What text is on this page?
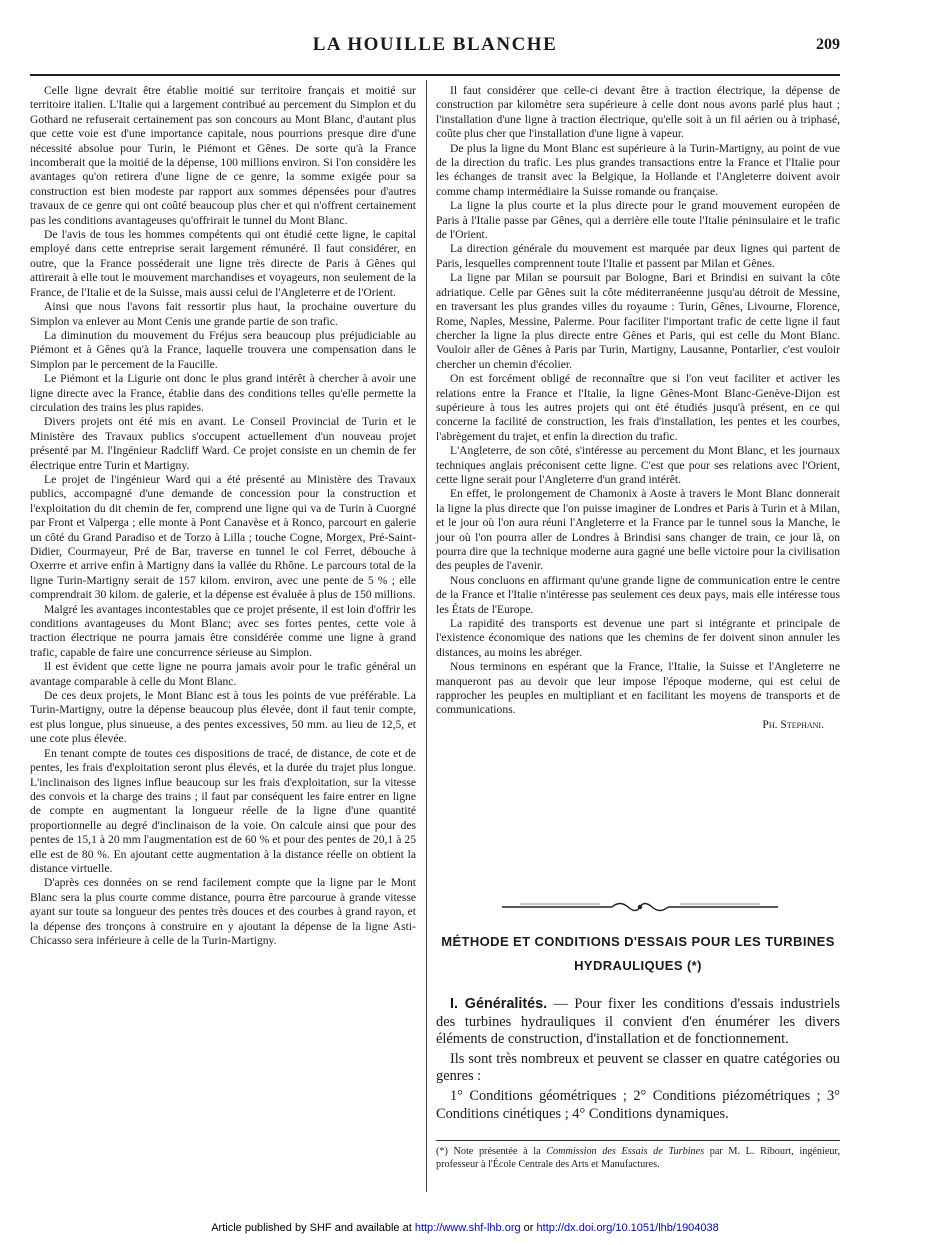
LA HOUILLE BLANCHE	209

Celle ligne devrait être établie moitié sur territoire français et moitié sur territoire italien. L'Italie qui a largement contribué au percement du Simplon et du Gothard ne refuserait certainement pas son concours au Mont Blanc, d'autant plus que cette voie est d'une importance capitale, nous pourrions presque dire d'une nécessité absolue pour Turin, le Piémont et Gênes. De sorte qu'à la France incomberait que la moitié de la dépense, 100 millions environ. Si l'on considère les avantages qu'on retirera d'une ligne de ce genre, la somme exigée pour sa construction est bien modeste par rapport aux sommes dépensées pour d'autres travaux de ce genre qui ont coûté beaucoup plus cher et qui n'offrent certainement pas les conditions avantageuses qu'offrirait le tunnel du Mont Blanc.

De l'avis de tous les hommes compétents qui ont étudié cette ligne, le capital employé dans cette entreprise serait largement rémunéré. Il faut considérer, en outre, que la France posséderait une ligne très directe de Paris à Gênes qui attirerait à elle tout le mouvement marchandises et voyageurs, non seulement de la France, de l'Italie et de la Suisse, mais aussi celui de l'Angleterre et de l'Orient.

Ainsi que nous l'avons fait ressortir plus haut, la prochaine ouverture du Simplon va enlever au Mont Cenis une grande partie de son trafic.

La diminution du mouvement du Fréjus sera beaucoup plus préjudiciable au Piémont et à Gênes qu'à la France, laquelle trouvera une compensation dans le Simplon par le percement de la Faucille.

Le Piémont et la Ligurie ont donc le plus grand intérêt à chercher à avoir une ligne directe avec la France, établie dans des conditions telles qu'elle permette la circulation des trains les plus rapides.

Divers projets ont été mis en avant. Le Conseil Provincial de Turin et le Ministère des Travaux publics s'occupent actuellement d'un nouveau projet présenté par M. l'Ingénieur Radcliff Ward. Ce projet consiste en un chemin de fer électrique entre Turin et Martigny.

Le projet de l'ingénieur Ward qui a été présenté au Ministère des Travaux publics, accompagné d'une demande de concession pour la construction et l'exploitation du dit chemin de fer, comprend une ligne qui va de Turin à Cuorgné par Front et Valperga ; elle monte à Pont Canavèse et à Ronco, parcourt en galerie un côté du Grand Paradiso et de Torzo à Lilla ; touche Cogne, Morgex, Pré-Saint-Didier, Courmayeur, Pré de Bar, traverse en tunnel le col Ferret, débouche à Oxerrre et arrive enfin à Martigny dans la vallée du Rhône. Le parcours total de la ligne Turin-Martigny serait de 157 kilom. environ, avec une pente de 5 % ; elle comprendrait 30 kilom. de galerie, et la dépense est évaluée à plus de 150 millions.

Malgré les avantages incontestables que ce projet présente, il est loin d'offrir les conditions avantageuses du Mont Blanc; avec ses fortes pentes, cette voie à traction électrique ne pourra jamais être considérée comme une ligne à grand trafic, capable de faire une concurrence sérieuse au Simplon.

Il est évident que cette ligne ne pourra jamais avoir pour le trafic général un avantage comparable à celle du Mont Blanc.

De ces deux projets, le Mont Blanc est à tous les points de vue préférable. La Turin-Martigny, outre la dépense beaucoup plus élevée, dont il faut tenir compte, est plus longue, plus sinueuse, a des pentes excessives, 50 mm. au lieu de 12,5, et une cote plus élevée.

En tenant compte de toutes ces dispositions de tracé, de distance, de cote et de pentes, les frais d'exploitation seront plus élevés, et la durée du trajet plus longue. L'inclinaison des lignes influe beaucoup sur les frais d'exploitation, sur la vitesse des convois et la charge des trains ; il faut par conséquent les faire entrer en ligne de compte en augmentant la longueur réelle de la ligne d'une quantité proportionnelle au degré d'inclinaison de la voie. On calcule ainsi que pour des pentes de 15,1 à 20 mm l'augmentation est de 60 % et pour des pentes de 20,1 à 25 elle est de 80 %. En ajoutant cette augmentation à la distance réelle on obtient la distance virtuelle.

D'après ces données on se rend facilement compte que la ligne par le Mont Blanc sera la plus courte comme distance, pourra être parcourue à grande vitesse ayant sur toute sa longueur des pentes très douces et des courbes à grand rayon, et la dépense des tronçons à construire en y ajoutant la dépense de la ligne Asti-Chicasso sera inférieure à celle de la Turin-Martigny.

Il faut considérer que celle-ci devant être à traction électrique, la dépense de construction par kilomètre sera supérieure à celle dont nous avons parlé plus haut ; l'installation d'une ligne à traction électrique, qu'elle soit à un fil aérien ou à triphasé, coûte plus cher que l'installation d'une ligne à vapeur.

De plus la ligne du Mont Blanc est supérieure à la Turin-Martigny, au point de vue de la direction du trafic. Les plus grandes transactions entre la France et l'Italie pour les échanges de transit avec la Belgique, la Hollande et l'Angleterre doivent avoir comme champ intermédiaire la Suisse romande ou française.

La ligne la plus courte et la plus directe pour le grand mouvement européen de Paris à l'Italie passe par Gênes, qui a derrière elle toute l'Italie péninsulaire et le trafic de l'Orient.

La direction générale du mouvement est marquée par deux lignes qui partent de Paris, lesquelles comprennent toute l'Italie et passent par Milan et Gênes.

La ligne par Milan se poursuit par Bologne, Bari et Brindisi en suivant la côte adriatique. Celle par Gênes suit la côte méditerranéenne jusqu'au détroit de Messine, en traversant les plus grandes villes du royaume : Turin, Gênes, Livourne, Florence, Rome, Naples, Messine, Palerme. Pour faciliter l'important trafic de cette ligne il faut chercher la ligne la plus directe entre Gênes et Paris, qui est celle du Mont Blanc. Vouloir aller de Gênes à Paris par Turin, Martigny, Lausanne, Pontarlier, c'est vouloir chercher un chemin d'écolier.

On est forcément obligé de reconnaître que si l'on veut faciliter et activer les relations entre la France et l'Italie, la ligne Gênes-Mont Blanc-Genève-Dijon est supérieure à tous les autres projets qui ont été étudiés jusqu'à présent, en ce qui concerne la facilité de construction, les frais d'installation, les pentes et les courbes, l'abrègement du trajet, et enfin la direction du trafic.

L'Angleterre, de son côté, s'intéresse au percement du Mont Blanc, et les journaux techniques anglais préconisent cette ligne. C'est que pour ses relations avec l'Orient, cette ligne serait pour l'Angleterre d'un grand intérêt.

En effet, le prolongement de Chamonix à Aoste à travers le Mont Blanc donnerait la ligne la plus directe que l'on puisse imaginer de Londres et Paris à Turin et à Milan, et le jour où l'on aura réuni l'Angleterre et la France par le tunnel sous la Manche, le jour où l'on pourra aller de Londres à Brindisi sans changer de train, ce jour là, on pourra dire que la technique moderne aura gagné une belle victoire pour la civilisation des peuples de l'avenir.

Nous concluons en affirmant qu'une grande ligne de communication entre le centre de la France et l'Italie n'intéresse pas seulement ces deux pays, mais elle intéresse tous les États de l'Europe.

La rapidité des transports est devenue une part si intégrante et principale de l'existence économique des nations que les chemins de fer doivent sinon annuler les distances, au moins les abréger.

Nous terminons en espérant que la France, l'Italie, la Suisse et l'Angleterre ne manqueront pas au devoir que leur impose l'époque moderne, qui est celui de rapprocher les peuples en multipliant et en facilitant les moyens de transports et de communications.

Ph. Stephani.
MÉTHODE ET CONDITIONS D'ESSAIS POUR LES TURBINES HYDRAULIQUES (*)

I. Généralités. — Pour fixer les conditions d'essais industriels des turbines hydrauliques il convient d'en énumérer les divers éléments de construction, d'installation et de fonctionnement.

Ils sont très nombreux et peuvent se classer en quatre catégories ou genres :

1° Conditions géométriques ; 2° Conditions piézométriques ; 3° Conditions cinétiques ; 4° Conditions dynamiques.

(*) Note présentée à la Commission des Essais de Turbines par M. L. Ribourt, ingénieur, professeur à l'École Centrale des Arts et Manufactures.
Article published by SHF and available at http://www.shf-lhb.org or http://dx.doi.org/10.1051/lhb/1904038
